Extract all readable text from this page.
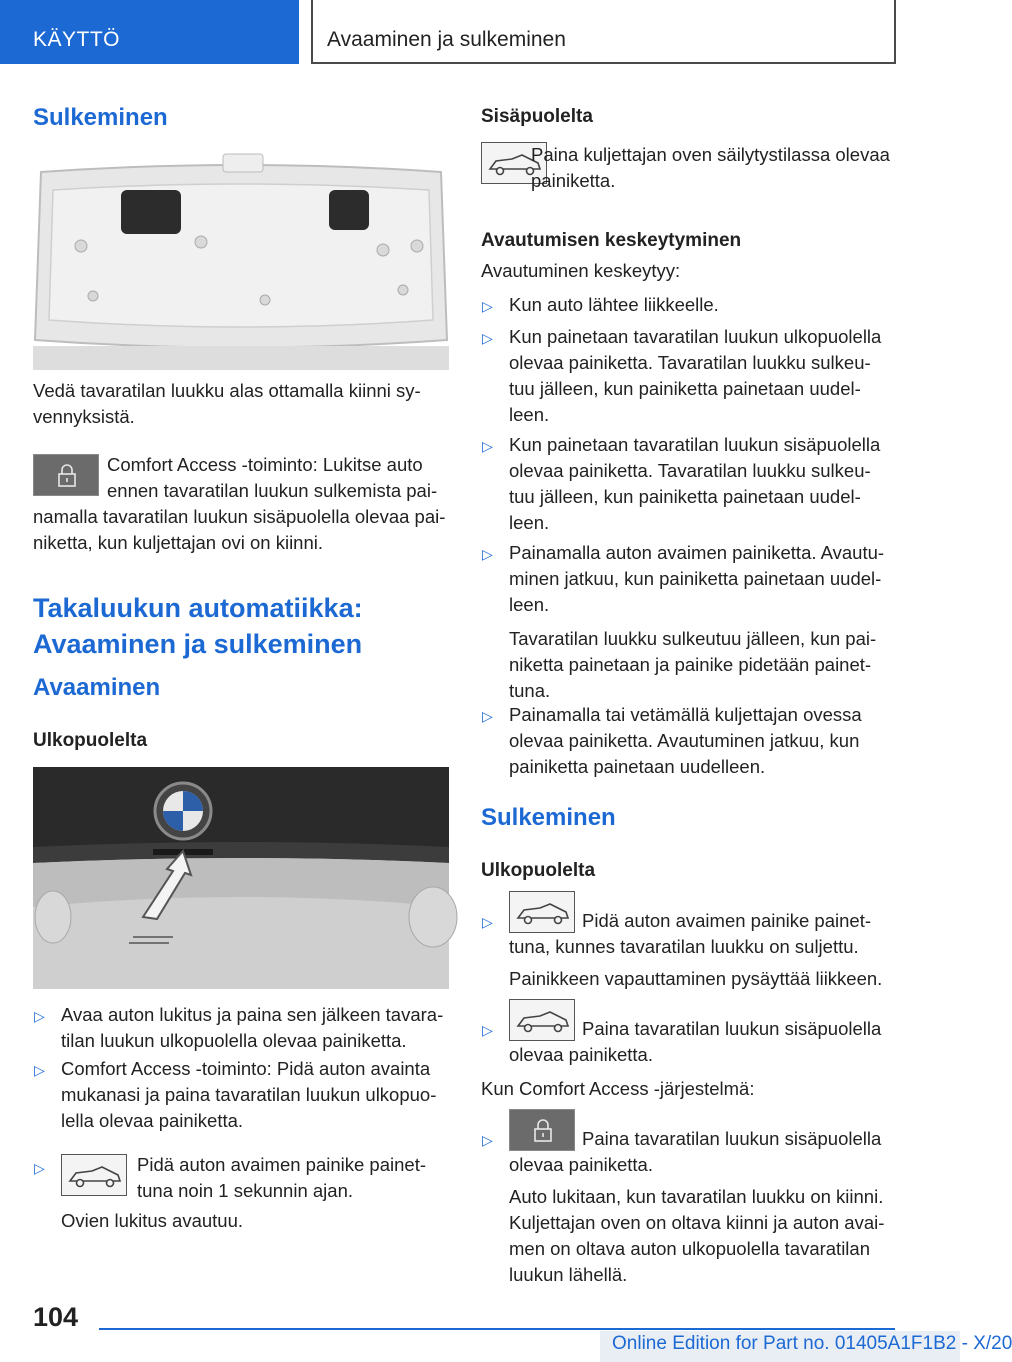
KÄYTTÖ	Avaaminen ja sulkeminen
Sulkeminen
Vedä tavaratilan luukku alas ottamalla kiinni sy‐
vennyksistä.
Comfort Access -toiminto: Lukitse auto
ennen tavaratilan luukun sulkemista pai‐
namalla tavaratilan luukun sisäpuolella olevaa pai‐
niketta, kun kuljettajan ovi on kiinni.
Takaluukun automatiikka:
Avaaminen ja sulkeminen
Avaaminen
Ulkopuolelta
▷ Avaa auton lukitus ja paina sen jälkeen tavara‐
tilan luukun ulkopuolella olevaa painiketta.
▷ Comfort Access -toiminto: Pidä auton avainta
mukanasi ja paina tavaratilan luukun ulkopuo‐
lella olevaa painiketta.
▷	Pidä auton avaimen painike painet‐
tuna noin 1 sekunnin ajan.
Ovien lukitus avautuu.
Sisäpuolelta
Paina kuljettajan oven säilytystilassa olevaa
painiketta.
Avautumisen keskeytyminen
Avautuminen keskeytyy:
▷ Kun auto lähtee liikkeelle.
▷ Kun painetaan tavaratilan luukun ulkopuolella
olevaa painiketta. Tavaratilan luukku sulkeu‐
tuu jälleen, kun painiketta painetaan uudel‐
leen.
▷ Kun painetaan tavaratilan luukun sisäpuolella
olevaa painiketta. Tavaratilan luukku sulkeu‐
tuu jälleen, kun painiketta painetaan uudel‐
leen.
▷ Painamalla auton avaimen painiketta. Avautu‐
minen jatkuu, kun painiketta painetaan uudel‐
leen.
Tavaratilan luukku sulkeutuu jälleen, kun pai‐
niketta painetaan ja painike pidetään painet‐
tuna.
▷ Painamalla tai vetämällä kuljettajan ovessa
olevaa painiketta. Avautuminen jatkuu, kun
painiketta painetaan uudelleen.
Sulkeminen
Ulkopuolelta
▷	Pidä auton avaimen painike painet‐
tuna, kunnes tavaratilan luukku on suljettu.
Painikkeen vapauttaminen pysäyttää liikkeen.
▷	Paina tavaratilan luukun sisäpuolella
olevaa painiketta.
Kun Comfort Access -järjestelmä:
▷	Paina tavaratilan luukun sisäpuolella
olevaa painiketta.
Auto lukitaan, kun tavaratilan luukku on kiinni.
Kuljettajan oven on oltava kiinni ja auton avai‐
men on oltava auton ulkopuolella tavaratilan
luukun lähellä.
104
Online Edition for Part no. 01405A1F1B2 - X/20
